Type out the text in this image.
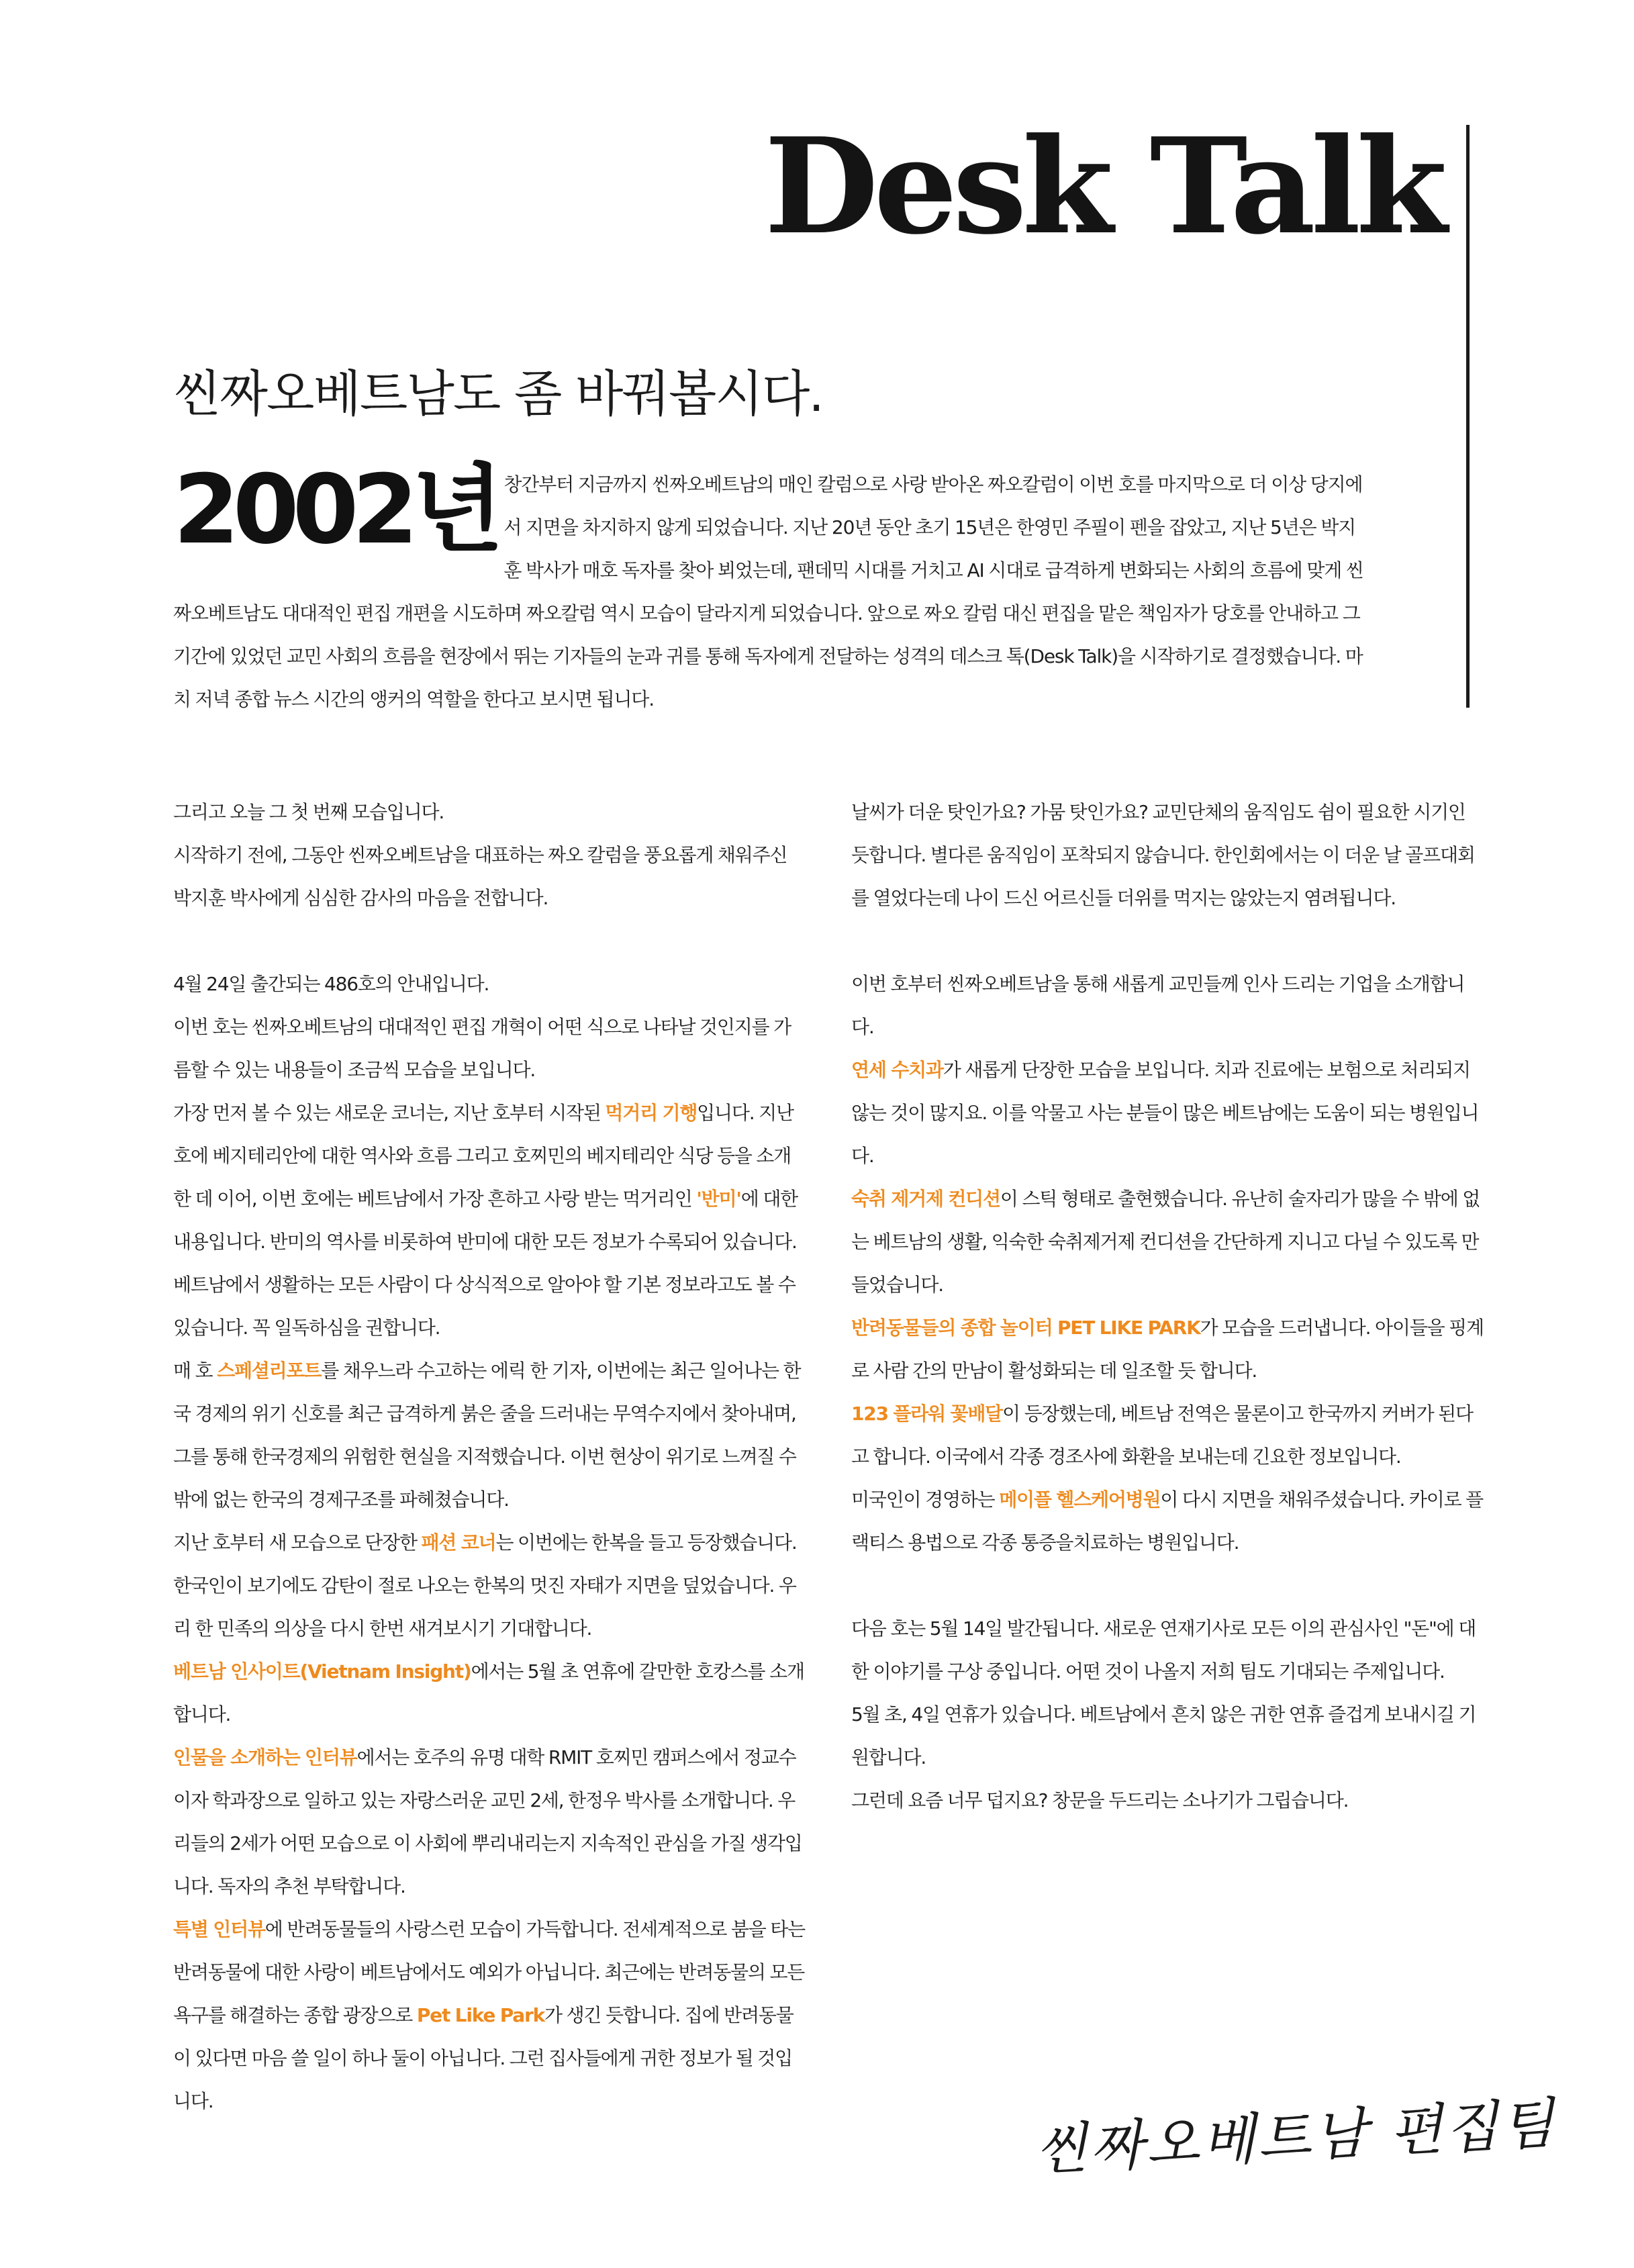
Desk Talk
씬짜오베트남도 좀 바꿔봅시다.
2002년 창간부터 지금까지 씬짜오베트남의 매인 칼럼으로 사랑 받아온 짜오칼럼이 이번 호를 마지막으로 더 이상 당지에서 지면을 차지하지 않게 되었습니다. 지난 20년 동안 초기 15년은 한영민 주필이 펜을 잡았고, 지난 5년은 박지훈 박사가 매호 독자를 찾아 뵈었는데, 팬데믹 시대를 거치고 AI 시대로 급격하게 변화되는 사회의 흐름에 맞게 씬짜오베트남도 대대적인 편집 개편을 시도하며 짜오칼럼 역시 모습이 달라지게 되었습니다. 앞으로 짜오 칼럼 대신 편집을 맡은 책임자가 당호를 안내하고 그 기간에 있었던 교민 사회의 흐름을 현장에서 뛰는 기자들의 눈과 귀를 통해 독자에게 전달하는 성격의 데스크 톡(Desk Talk)을 시작하기로 결정했습니다. 마치 저녁 종합 뉴스 시간의 앵커의 역할을 한다고 보시면 됩니다.

그리고 오늘 그 첫 번째 모습입니다.

시작하기 전에, 그동안 씬짜오베트남을 대표하는 짜오 칼럼을 풍요롭게 채워주신 박지훈 박사에게 심심한 감사의 마음을 전합니다.

4월 24일 출간되는 486호의 안내입니다.

이번 호는 씬짜오베트남의 대대적인 편집 개혁이 어떤 식으로 나타날 것인지를 가름할 수 있는 내용들이 조금씩 모습을 보입니다.

가장 먼저 볼 수 있는 새로운 코너는, 지난 호부터 시작된 먹거리 기행입니다. 지난 호에 베지테리안에 대한 역사와 흐름 그리고 호찌민의 베지테리안 식당 등을 소개한 데 이어, 이번 호에는 베트남에서 가장 흔하고 사랑 받는 먹거리인 '반미'에 대한 내용입니다. 반미의 역사를 비롯하여 반미에 대한 모든 정보가 수록되어 있습니다. 베트남에서 생활하는 모든 사람이 다 상식적으로 알아야 할 기본 정보라고도 볼 수 있습니다. 꼭 일독하심을 권합니다.

매 호 스페셜리포트를 채우느라 수고하는 에릭 한 기자, 이번에는 최근 일어나는 한국 경제의 위기 신호를 최근 급격하게 붉은 줄을 드러내는 무역수지에서 찾아내며, 그를 통해 한국경제의 위험한 현실을 지적했습니다. 이번 현상이 위기로 느껴질 수밖에 없는 한국의 경제구조를 파헤쳤습니다.

지난 호부터 새 모습으로 단장한 패션 코너는 이번에는 한복을 들고 등장했습니다. 한국인이 보기에도 감탄이 절로 나오는 한복의 멋진 자태가 지면을 덮었습니다. 우리 한 민족의 의상을 다시 한번 새겨보시기 기대합니다.

베트남 인사이트(Vietnam Insight)에서는 5월 초 연휴에 갈만한 호캉스를 소개합니다.

인물을 소개하는 인터뷰에서는 호주의 유명 대학 RMIT 호찌민 캠퍼스에서 정교수이자 학과장으로 일하고 있는 자랑스러운 교민 2세, 한정우 박사를 소개합니다. 우리들의 2세가 어떤 모습으로 이 사회에 뿌리내리는지 지속적인 관심을 가질 생각입니다. 독자의 추천 부탁합니다.

특별 인터뷰에 반려동물들의 사랑스런 모습이 가득합니다. 전세계적으로 붐을 타는 반려동물에 대한 사랑이 베트남에서도 예외가 아닙니다. 최근에는 반려동물의 모든 욕구를 해결하는 종합 광장으로 Pet Like Park가 생긴 듯합니다. 집에 반려동물이 있다면 마음 쓸 일이 하나 둘이 아닙니다. 그런 집사들에게 귀한 정보가 될 것입니다.

날씨가 더운 탓인가요? 가뭄 탓인가요? 교민단체의 움직임도 쉼이 필요한 시기인 듯합니다. 별다른 움직임이 포착되지 않습니다. 한인회에서는 이 더운 날 골프대회를 열었다는데 나이 드신 어르신들 더위를 먹지는 않았는지 염려됩니다.

이번 호부터 씬짜오베트남을 통해 새롭게 교민들께 인사 드리는 기업을 소개합니다.

연세 수치과가 새롭게 단장한 모습을 보입니다. 치과 진료에는 보험으로 처리되지 않는 것이 많지요. 이를 악물고 사는 분들이 많은 베트남에는 도움이 되는 병원입니다.

숙취 제거제 컨디션이 스틱 형태로 출현했습니다. 유난히 술자리가 많을 수 밖에 없는 베트남의 생활, 익숙한 숙취제거제 컨디션을 간단하게 지니고 다닐 수 있도록 만들었습니다.

반려동물들의 종합 놀이터 PET LIKE PARK가 모습을 드러냅니다. 아이들을 핑계로 사람 간의 만남이 활성화되는 데 일조할 듯 합니다.

123 플라워 꽃배달이 등장했는데, 베트남 전역은 물론이고 한국까지 커버가 된다고 합니다. 이국에서 각종 경조사에 화환을 보내는데 긴요한 정보입니다.

미국인이 경영하는 메이플 헬스케어병원이 다시 지면을 채워주셨습니다. 카이로 플랙티스 용법으로 각종 통증을치료하는 병원입니다.

다음 호는 5월 14일 발간됩니다. 새로운 연재기사로 모든 이의 관심사인 "돈"에 대한 이야기를 구상 중입니다. 어떤 것이 나올지 저희 팀도 기대되는 주제입니다.

5월 초, 4일 연휴가 있습니다. 베트남에서 흔치 않은 귀한 연휴 즐겁게 보내시길 기원합니다.

그런데 요즘 너무 덥지요? 창문을 두드리는 소나기가 그립습니다.

씬짜오베트남 편집팀
